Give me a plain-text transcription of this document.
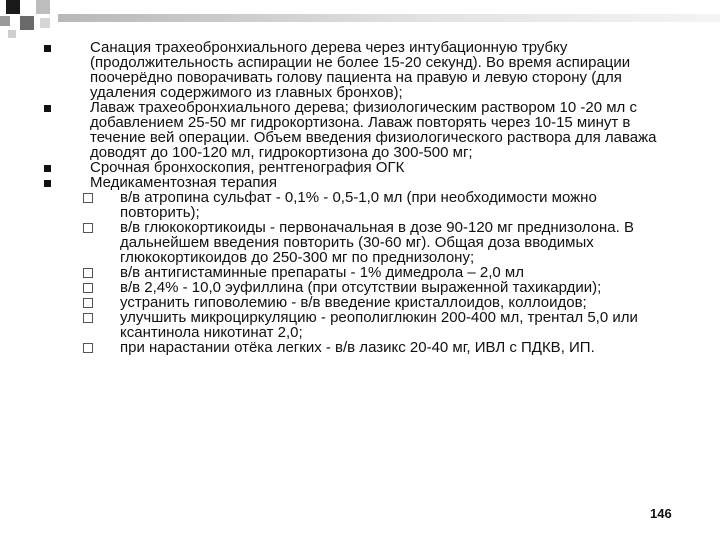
Санация трахеобронхиального дерева через интубационную трубку (продолжительность аспирации не более 15-20 секунд). Во время аспирации поочерёдно поворачивать голову пациента на правую и левую сторону (для удаления содержимого из главных бронхов);
Лаваж трахеобронхиального дерева; физиологическим раствором 10 -20 мл с добавлением 25-50 мг гидрокортизона. Лаваж повторять через 10-15 минут в течение вей операции. Объем введения физиологического раствора для лаважа доводят до 100-120 мл, гидрокортизона до 300-500 мг;
Срочная бронхоскопия, рентгенография ОГК
Медикаментозная терапия
в/в атропина сульфат - 0,1% - 0,5-1,0 мл (при необходимости можно повторить);
в/в глюкокортикоиды - первоначальная в дозе 90-120 мг преднизолона. В дальнейшем введения повторить (30-60 мг). Общая доза вводимых глюкокортикоидов до 250-300 мг по преднизолону;
в/в антигистаминные препараты - 1% димедрола – 2,0 мл
в/в 2,4% - 10,0 эуфиллина (при отсутствии выраженной тахикардии);
устранить гиповолемию - в/в введение кристаллоидов, коллоидов;
улучшить микроциркуляцию - реополиглюкин 200-400 мл, трентал 5,0 или ксантинола никотинат 2,0;
при нарастании отёка легких - в/в лазикс 20-40 мг, ИВЛ с ПДКВ, ИП.
146
